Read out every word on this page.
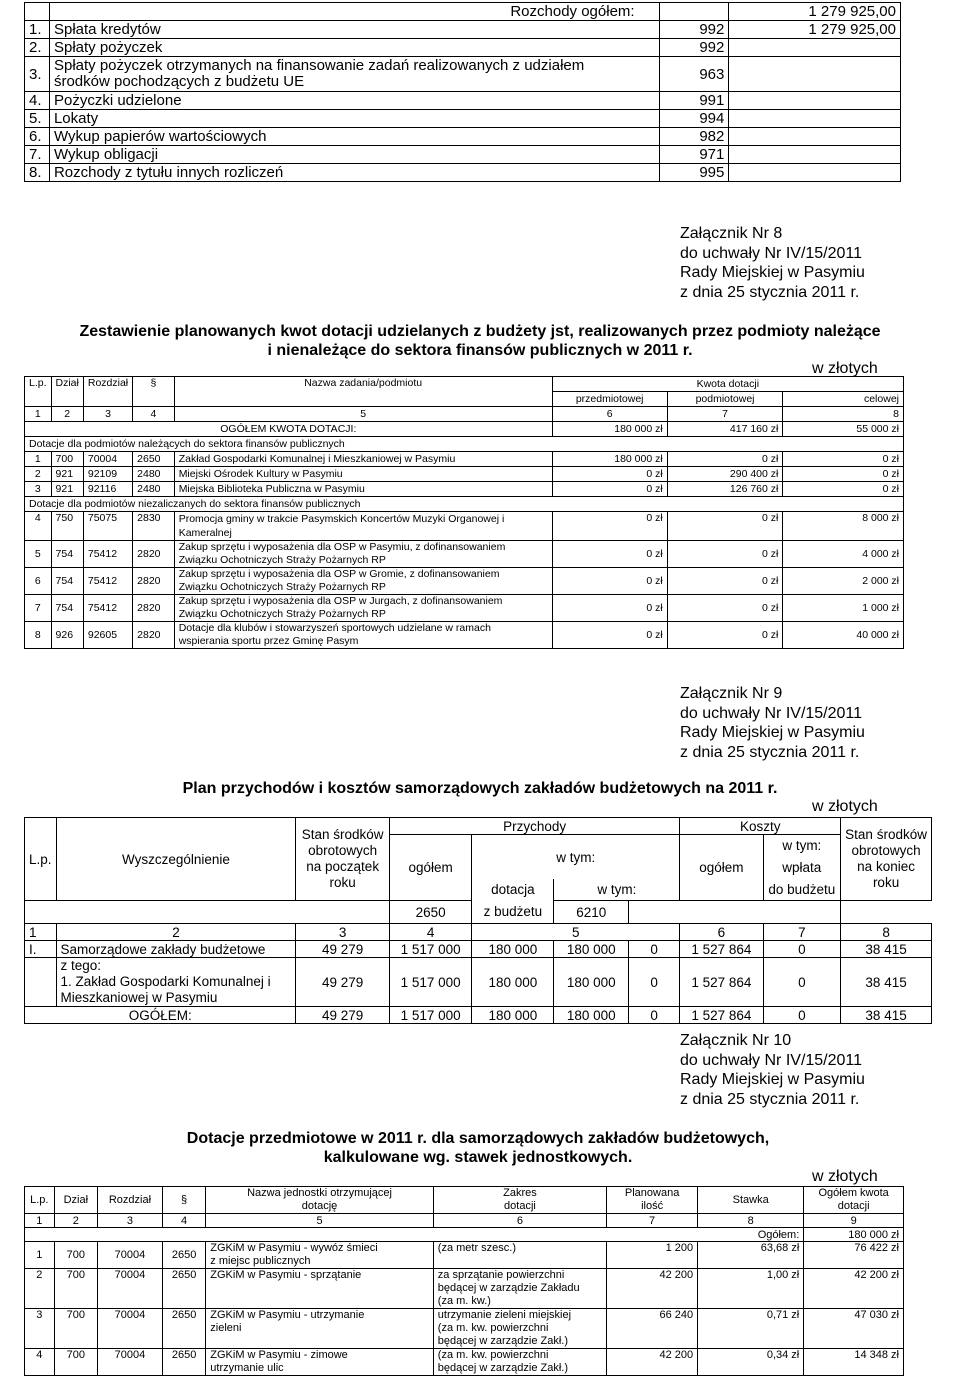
	Rozchody ogółem:		1 279 925,00
1.	Spłata kredytów	992	1 279 925,00
2.	Spłaty pożyczek	992	
3.	Spłaty pożyczek otrzymanych na finansowanie zadań realizowanych z udziałem
środków pochodzących z budżetu UE	963	
4.	Pożyczki udzielone	991	
5.	Lokaty	994	
6.	Wykup papierów wartościowych	982	
7.	Wykup obligacji	971	
8.	Rozchody z tytułu innych rozliczeń	995	
Załącznik Nr 8
do uchwały Nr IV/15/2011
Rady Miejskiej w Pasymiu
z dnia 25 stycznia 2011 r.
Zestawienie planowanych kwot dotacji udzielanych z budżety jst, realizowanych przez podmioty należące
i nienależące do sektora finansów publicznych w 2011 r.
w złotych
L.p.	Dział	Rozdział	§	Nazwa zadania/podmiotu	Kwota dotacji		
					przedmiotowej	podmiotowej	celowej
1	2	3	4	5	6	7	8
OGÓŁEM KWOTA DOTACJI:					180 000 zł	417 160 zł	55 000 zł
Dotacje dla podmiotów należących do sektora finansów publicznych							
1	700	70004	2650	Zakład Gospodarki Komunalnej i Mieszkaniowej w Pasymiu	180 000 zł	0 zł	0 zł
2	921	92109	2480	Miejski Ośrodek Kultury w Pasymiu	0 zł	290 400 zł	0 zł
3	921	92116	2480	Miejska Biblioteka Publiczna w Pasymiu	0 zł	126 760 zł	0 zł
Dotacje dla podmiotów niezaliczanych do sektora finansów publicznych							
4	750	75075	2830	Promocja gminy w trakcie Pasymskich Koncertów Muzyki Organowej i
Kameralnej	0 zł	0 zł	8 000 zł
5	754	75412	2820	Zakup sprzętu i wyposażenia dla OSP w Pasymiu, z dofinansowaniem
Związku Ochotniczych Straży Pożarnych RP	0 zł	0 zł	4 000 zł
6	754	75412	2820	Zakup sprzętu i wyposażenia dla OSP w Gromie, z dofinansowaniem
Związku Ochotniczych Straży Pożarnych RP	0 zł	0 zł	2 000 zł
7	754	75412	2820	Zakup sprzętu i wyposażenia dla OSP w Jurgach, z dofinansowaniem
Związku Ochotniczych Straży Pożarnych RP	0 zł	0 zł	1 000 zł
8	926	92605	2820	Dotacje dla klubów i stowarzyszeń sportowych udzielane w ramach
wspierania sportu przez Gminę Pasym	0 zł	0 zł	40 000 zł
Załącznik Nr 9
do uchwały Nr IV/15/2011
Rady Miejskiej w Pasymiu
z dnia 25 stycznia 2011 r.
Plan przychodów i kosztów samorządowych zakładów budżetowych na 2011 r.
w złotych
L.p.	Wyszczególnienie	Stan środków
obrotowych
na początek
roku	Przychody				Koszty		Stan środków
obrotowych
na koniec
roku
			ogółem	w tym:			ogółem	w tym:
wpłata	
				dotacja
z budżetu	w tym:			do budżetu	
			2650		6210				
1	2	3	4	5			6	7	8
I.	Samorządowe zakłady budżetowe	49 279	1 517 000	180 000	180 000	0	1 527 864	0	38 415
	z tego:
1. Zakład Gospodarki Komunalnej i
Mieszkaniowej w Pasymiu	49 279	1 517 000	180 000	180 000	0	1 527 864	0	38 415
OGÓŁEM:		49 279	1 517 000	180 000	180 000	0	1 527 864	0	38 415
Załącznik Nr 10
do uchwały Nr IV/15/2011
Rady Miejskiej w Pasymiu
z dnia 25 stycznia 2011 r.
Dotacje przedmiotowe w 2011 r. dla samorządowych zakładów budżetowych,
kalkulowane wg. stawek jednostkowych.
w złotych
L.p.	Dział	Rozdział	§	Nazwa jednostki otrzymującej
dotację	Zakres
dotacji	Planowana
ilość	Stawka	Ogółem kwota
dotacji
1	2	3	4	5	6	7	8	9
Ogółem:								180 000 zł
1	700	70004	2650	ZGKiM w Pasymiu - wywóz śmieci
z miejsc publicznych	(za metr szesc.)	1 200	63,68 zł	76 422 zł
2	700	70004	2650	ZGKiM w Pasymiu - sprzątanie	za sprzątanie powierzchni
będącej w zarządzie Zakładu
(za m. kw.)	42 200	1,00 zł	42 200 zł
3	700	70004	2650	ZGKiM w Pasymiu - utrzymanie
zieleni	utrzymanie zieleni miejskiej
(za m. kw. powierzchni
będącej w zarządzie Zakł.)	66 240	0,71 zł	47 030 zł
4	700	70004	2650	ZGKiM w Pasymiu - zimowe
utrzymanie ulic	(za m. kw. powierzchni
będącej w zarządzie Zakł.)	42 200	0,34 zł	14 348 zł
